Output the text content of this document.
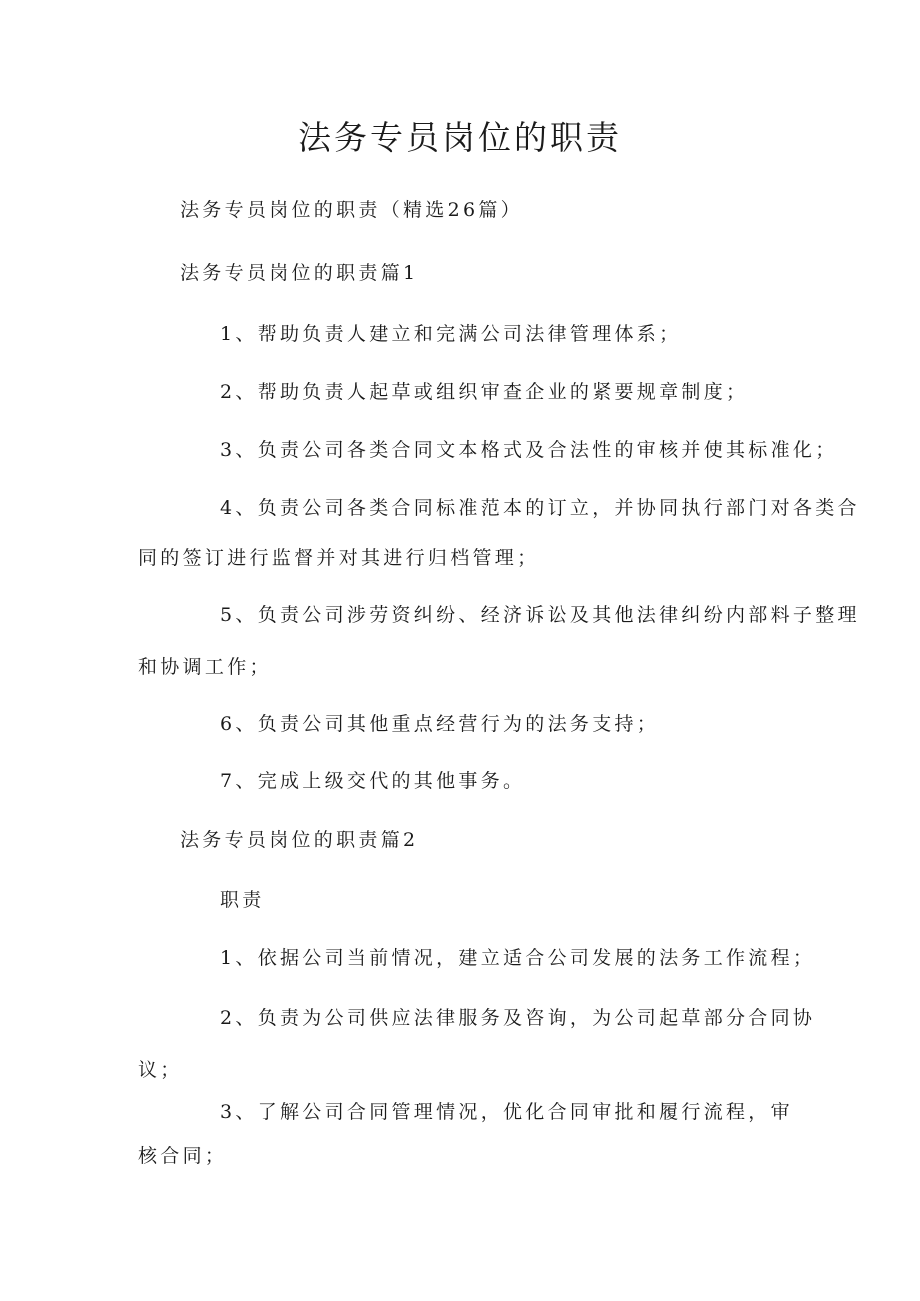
法务专员岗位的职责

法务专员岗位的职责（精选26篇）

法务专员岗位的职责篇1

1、帮助负责人建立和完满公司法律管理体系；

2、帮助负责人起草或组织审查企业的紧要规章制度；

3、负责公司各类合同文本格式及合法性的审核并使其标准化；

4、负责公司各类合同标准范本的订立，并协同执行部门对各类合

同的签订进行监督并对其进行归档管理；

5、负责公司涉劳资纠纷、经济诉讼及其他法律纠纷内部料子整理

和协调工作；

6、负责公司其他重点经营行为的法务支持；

7、完成上级交代的其他事务。

法务专员岗位的职责篇2

职责

1、依据公司当前情况，建立适合公司发展的法务工作流程；

2、负责为公司供应法律服务及咨询，为公司起草部分合同协

议；

3、了解公司合同管理情况，优化合同审批和履行流程，审

核合同；
